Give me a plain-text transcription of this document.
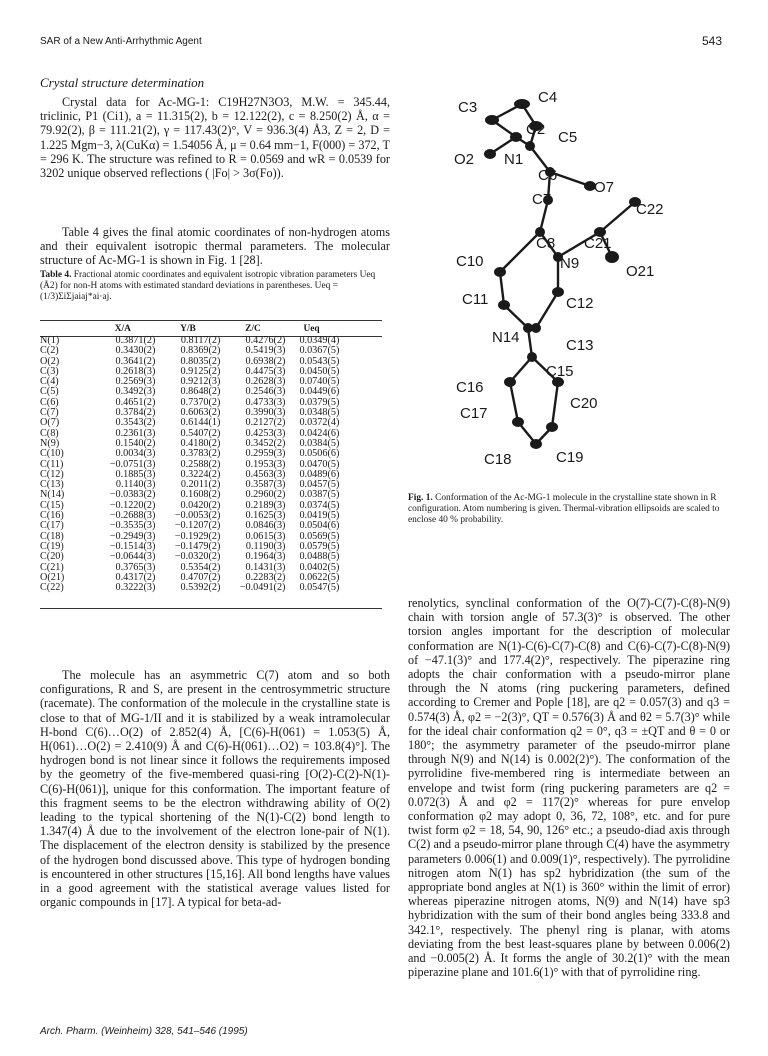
SAR of a New Anti-Arrhythmic Agent	543
Crystal structure determination

Crystal data for Ac-MG-1: C19H27N3O3, M.W. = 345.44, triclinic, P1 (Ci1), a = 11.315(2), b = 12.122(2), c = 8.250(2) Å, α = 79.92(2), β = 111.21(2), γ = 117.43(2)°, V = 936.3(4) Å3, Z = 2, D = 1.225 Mgm−3, λ(CuKα) = 1.54056 Å, μ = 0.64 mm−1, F(000) = 372, T = 296 K. The structure was refined to R = 0.0569 and wR = 0.0539 for 3202 unique observed reflections ( |Fo| > 3σ(Fo)).

Table 4 gives the final atomic coordinates of non-hydrogen atoms and their equivalent isotropic thermal parameters. The molecular structure of Ac-MG-1 is shown in Fig. 1 [28].

Table 4. Fractional atomic coordinates and equivalent isotropic vibration parameters Ueq (Å2) for non-H atoms with estimated standard deviations in parentheses. Ueq = (1/3)ΣiΣjaiaj*ai·aj.
	X/A	Y/B	Z/C	Ueq
N(1)	0.3871(2)	0.8117(2)	0.4276(2)	0.0349(4)
C(2)	0.3430(2)	0.8369(2)	0.5419(3)	0.0367(5)
O(2)	0.3641(2)	0.8035(2)	0.6938(2)	0.0543(5)
C(3)	0.2618(3)	0.9125(2)	0.4475(3)	0.0450(5)
C(4)	0.2569(3)	0.9212(3)	0.2628(3)	0.0740(5)
C(5)	0.3492(3)	0.8648(2)	0.2546(3)	0.0449(6)
C(6)	0.4651(2)	0.7370(2)	0.4733(3)	0.0379(5)
C(7)	0.3784(2)	0.6063(2)	0.3990(3)	0.0348(5)
O(7)	0.3543(2)	0.6144(1)	0.2127(2)	0.0372(4)
C(8)	0.2361(3)	0.5407(2)	0.4253(3)	0.0424(6)
N(9)	0.1540(2)	0.4180(2)	0.3452(2)	0.0384(5)
C(10)	0.0034(3)	0.3783(2)	0.2959(3)	0.0506(6)
C(11)	−0.0751(3)	0.2588(2)	0.1953(3)	0.0470(5)
C(12)	0.1885(3)	0.3224(2)	0.4563(3)	0.0489(6)
C(13)	0.1140(3)	0.2011(2)	0.3587(3)	0.0457(5)
N(14)	−0.0383(2)	0.1608(2)	0.2960(2)	0.0387(5)
C(15)	−0.1220(2)	0.0420(2)	0.2189(3)	0.0374(5)
C(16)	−0.2688(3)	−0.0053(2)	0.1625(3)	0.0419(5)
C(17)	−0.3535(3)	−0.1207(2)	0.0846(3)	0.0504(6)
C(18)	−0.2949(3)	−0.1929(2)	0.0615(3)	0.0569(5)
C(19)	−0.1514(3)	−0.1479(2)	0.1190(3)	0.0579(5)
C(20)	−0.0644(3)	−0.0320(2)	0.1964(3)	0.0488(5)
C(21)	0.3765(3)	0.5354(2)	0.1431(3)	0.0402(5)
O(21)	0.4317(2)	0.4707(2)	0.2283(2)	0.0622(5)
C(22)	0.3222(3)	0.5392(2)	−0.0491(2)	0.0547(5)

The molecule has an asymmetric C(7) atom and so both configurations, R and S, are present in the centrosymmetric structure (racemate). The conformation of the molecule in the crystalline state is close to that of MG-1/II and it is stabilized by a weak intramolecular H-bond C(6)…O(2) of 2.852(4) Å, [C(6)-H(061) = 1.053(5) Å, H(061)…O(2) = 2.410(9) Å and C(6)-H(061)…O2) = 103.8(4)°]. The hydrogen bond is not linear since it follows the requirements imposed by the geometry of the five-membered quasi-ring [O(2)-C(2)-N(1)-C(6)-H(061)], unique for this conformation. The important feature of this fragment seems to be the electron withdrawing ability of O(2) leading to the typical shortening of the N(1)-C(2) bond length to 1.347(4) Å due to the involvement of the electron lone-pair of N(1). The displacement of the electron density is stabilized by the presence of the hydrogen bond discussed above. This type of hydrogen bonding is encountered in other structures [15,16]. All bond lengths have values in a good agreement with the statistical average values listed for organic compounds in [17]. A typical for beta-ad-

C3
C4
C2 C5
O2 N1
C6
O7
C7
C22
C8 C21
C10	N9	O21
C11	C12
N14	C13
C15
C16
C20
C17
C18	C19
Fig. 1. Conformation of the Ac-MG-1 molecule in the crystalline state shown in R configuration. Atom numbering is given. Thermal-vibration ellipsoids are scaled to enclose 40 % probability.

renolytics, synclinal conformation of the O(7)-C(7)-C(8)-N(9) chain with torsion angle of 57.3(3)° is observed. The other torsion angles important for the description of molecular conformation are N(1)-C(6)-C(7)-C(8) and C(6)-C(7)-C(8)-N(9) of −47.1(3)° and 177.4(2)°, respectively. The piperazine ring adopts the chair conformation with a pseudo-mirror plane through the N atoms (ring puckering parameters, defined according to Cremer and Pople [18], are q2 = 0.057(3) and q3 = 0.574(3) Å, φ2 = −2(3)°, QT = 0.576(3) Å and θ2 = 5.7(3)° while for the ideal chair conformation q2 = 0°, q3 = ±QT and θ = 0 or 180°; the asymmetry parameter of the pseudo-mirror plane through N(9) and N(14) is 0.002(2)°). The conformation of the pyrrolidine five-membered ring is intermediate between an envelope and twist form (ring puckering parameters are q2 = 0.072(3) Å and φ2 = 117(2)° whereas for pure envelop conformation φ2 may adopt 0, 36, 72, 108°, etc. and for pure twist form φ2 = 18, 54, 90, 126° etc.; a pseudo-diad axis through C(2) and a pseudo-mirror plane through C(4) have the asymmetry parameters 0.006(1) and 0.009(1)°, respectively). The pyrrolidine nitrogen atom N(1) has sp2 hybridization (the sum of the appropriate bond angles at N(1) is 360° within the limit of error) whereas piperazine nitrogen atoms, N(9) and N(14) have sp3 hybridization with the sum of their bond angles being 333.8 and 342.1°, respectively. The phenyl ring is planar, with atoms deviating from the best least-squares plane by between 0.006(2) and −0.005(2) Å. It forms the angle of 30.2(1)° with the mean piperazine plane and 101.6(1)° with that of pyrrolidine ring.

Arch. Pharm. (Weinheim) 328, 541–546 (1995)
